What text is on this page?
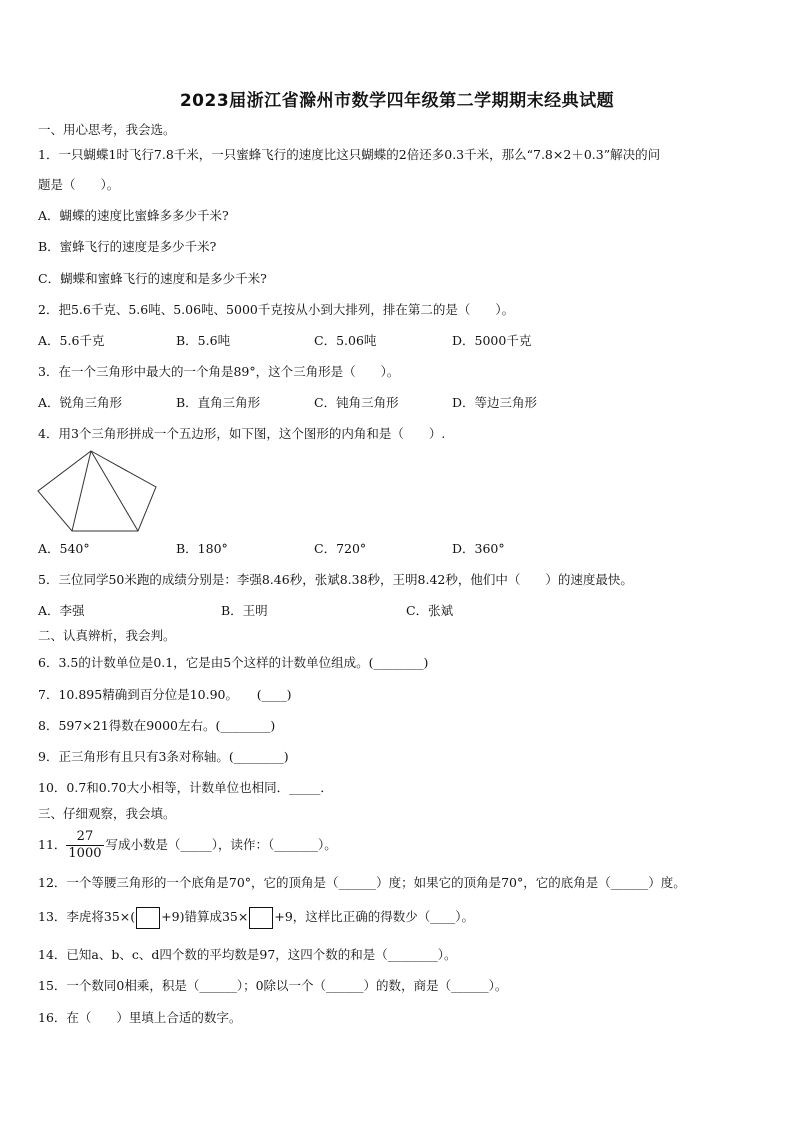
2023届浙江省滁州市数学四年级第二学期期末经典试题
一、用心思考，我会选。
1．一只蝴蝶1时飞行7.8千米，一只蜜蜂飞行的速度比这只蝴蝶的2倍还多0.3千米，那么“7.8×2＋0.3”解决的问
题是（　　）。
A．蝴蝶的速度比蜜蜂多多少千米?
B．蜜蜂飞行的速度是多少千米?
C．蝴蝶和蜜蜂飞行的速度和是多少千米?
2．把5.6千克、5.6吨、5.06吨、5000千克按从小到大排列，排在第二的是（　　）。
A．5.6千克	B．5.6吨	C．5.06吨	D．5000千克
3．在一个三角形中最大的一个角是89°，这个三角形是（　　）。
A．锐角三角形	B．直角三角形	C．钝角三角形	D．等边三角形
4．用3个三角形拼成一个五边形，如下图，这个图形的内角和是（　　）.
A．540°	B．180°	C．720°	D．360°
5．三位同学50米跑的成绩分别是：李强8.46秒，张斌8.38秒，王明8.42秒，他们中（　　）的速度最快。
A．李强	B．王明	C．张斌
二、认真辨析，我会判。
6．3.5的计数单位是0.1，它是由5个这样的计数单位组成。(________)
7．10.895精确到百分位是10.90。　　(____)
8．597×21得数在9000左右。(________)
9．正三角形有且只有3条对称轴。(________)
10．0.7和0.70大小相等，计数单位也相同．_____．
三、仔细观察，我会填。
11． $\frac{27}{1000}$ 写成小数是（_____），读作：（_______）。
12．一个等腰三角形的一个底角是70°，它的顶角是（______）度；如果它的顶角是70°，它的底角是（______）度。
13．李虎将35×( +9)错算成35× +9，这样比正确的得数少（____）。
14．已知a、b、c、d四个数的平均数是97，这四个数的和是（________）。
15．一个数同0相乘，积是（______）；0除以一个（______）的数，商是（______）。
16．在（　　）里填上合适的数字。
